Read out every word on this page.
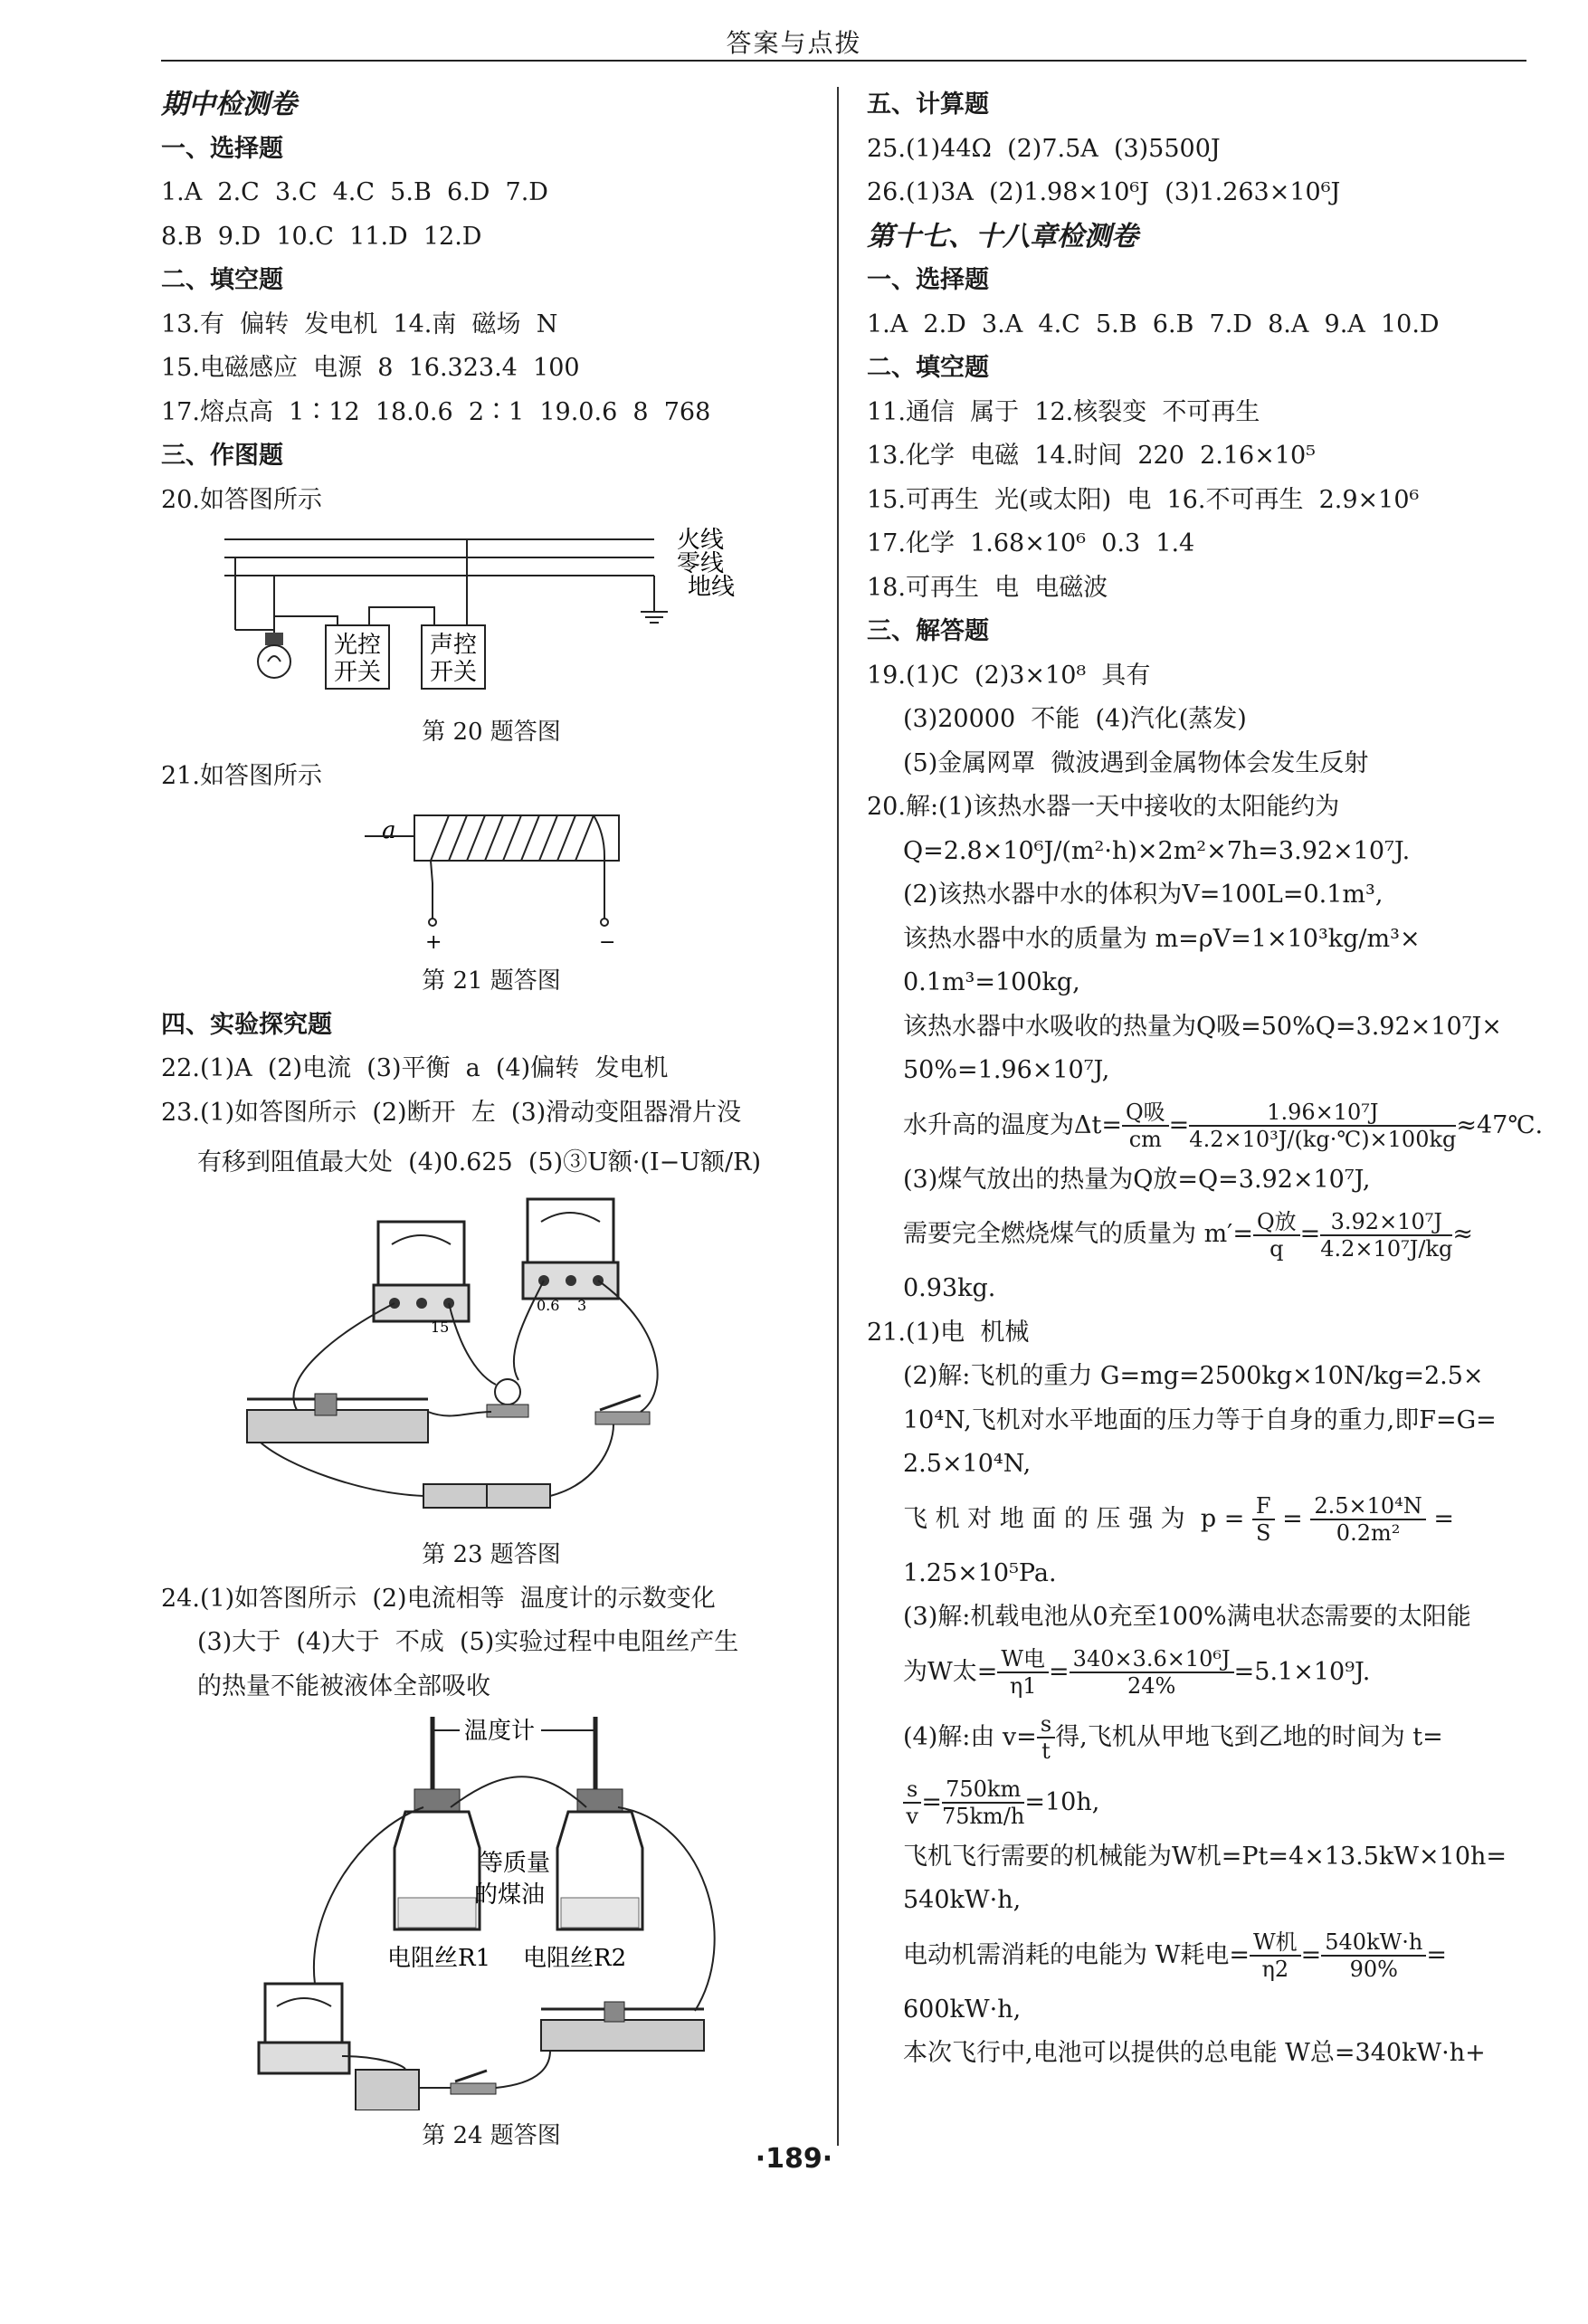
答案与点拨
期中检测卷
一、选择题
1.A  2.C  3.C  4.C  5.B  6.D  7.D
8.B  9.D  10.C  11.D  12.D
二、填空题
13.有  偏转  发电机  14.南  磁场  N
15.电磁感应  电源  8  16.323.4  100
17.熔点高  1∶12  18.0.6  2∶1  19.0.6  8  768
三、作图题
20.如答图所示
火线
零线
地线
光控
开关
声控
开关
第 20 题答图
21.如答图所示
a
+	−
第 21 题答图
四、实验探究题
22.(1)A  (2)电流  (3)平衡  a  (4)偏转  发电机
23.(1)如答图所示  (2)断开  左  (3)滑动变阻器滑片没
有移到阻值最大处  (4)0.625  (5)③U额·(I−U额/R)
15
0.6 3
第 23 题答图
24.(1)如答图所示  (2)电流相等  温度计的示数变化
(3)大于  (4)大于  不成  (5)实验过程中电阻丝产生
的热量不能被液体全部吸收
温度计
等质量
的煤油
电阻丝R1 电阻丝R2
第 24 题答图
五、计算题
25.(1)44Ω  (2)7.5A  (3)5500J
26.(1)3A  (2)1.98×10⁶J  (3)1.263×10⁶J
第十七、十八章检测卷
一、选择题
1.A  2.D  3.A  4.C  5.B  6.B  7.D  8.A  9.A  10.D
二、填空题
11.通信  属于  12.核裂变  不可再生
13.化学  电磁  14.时间  220  2.16×10⁵
15.可再生  光(或太阳)  电  16.不可再生  2.9×10⁶
17.化学  1.68×10⁶  0.3  1.4
18.可再生  电  电磁波
三、解答题
19.(1)C  (2)3×10⁸  具有
(3)20000  不能  (4)汽化(蒸发)
(5)金属网罩  微波遇到金属物体会发生反射
20.解:(1)该热水器一天中接收的太阳能约为
Q=2.8×10⁶J/(m²·h)×2m²×7h=3.92×10⁷J.
(2)该热水器中水的体积为V=100L=0.1m³,
该热水器中水的质量为 m=ρV=1×10³kg/m³×
0.1m³=100kg,
该热水器中水吸收的热量为Q吸=50%Q=3.92×10⁷J×
50%=1.96×10⁷J,
水升高的温度为$\Delta t= \frac{\text{Q吸}}{cm} = \frac{\text{1.96×10⁷J}}{\text{4.2×10³J/(kg·℃)×100kg}}$ ≈47℃.
(3)煤气放出的热量为Q放=Q=3.92×10⁷J,
需要完全燃烧煤气的质量为 $m'= \frac{\text{Q放}}{q} = \frac{\text{3.92×10⁷J}}{\text{4.2×10⁷J/kg}}$ ≈
0.93kg.
21.(1)电  机械
(2)解:飞机的重力 G=mg=2500kg×10N/kg=2.5×
10⁴N,飞机对水平地面的压力等于自身的重力,即F=G=
2.5×10⁴N,
飞 机 对 地 面 的 压 强 为  $p = \frac{F}{S} = \frac{\text{2.5×10⁴N}}{\text{0.2m²}}$ =
1.25×10⁵Pa.
(3)解:机载电池从0充至100%满电状态需要的太阳能
为W太= $\frac{\text{W电}}{\eta 1} = \frac{\text{340×3.6×10⁶J}}{24\%} =5.1\times 10^9J$.
(4)解:由 $v= \frac{s}{t}$ 得,飞机从甲地飞到乙地的时间为 t=
$\frac{s}{v} = \frac{750km}{75km/h} =10h$,
飞机飞行需要的机械能为W机=Pt=4×13.5kW×10h=
540kW·h,
电动机需消耗的电能为 W耗电= $\frac{\text{W机}}{\eta 2} = \frac{540kW\cdot h}{90\%}$ =
600kW·h,
本次飞行中,电池可以提供的总电能 W总=340kW·h+
·189·
